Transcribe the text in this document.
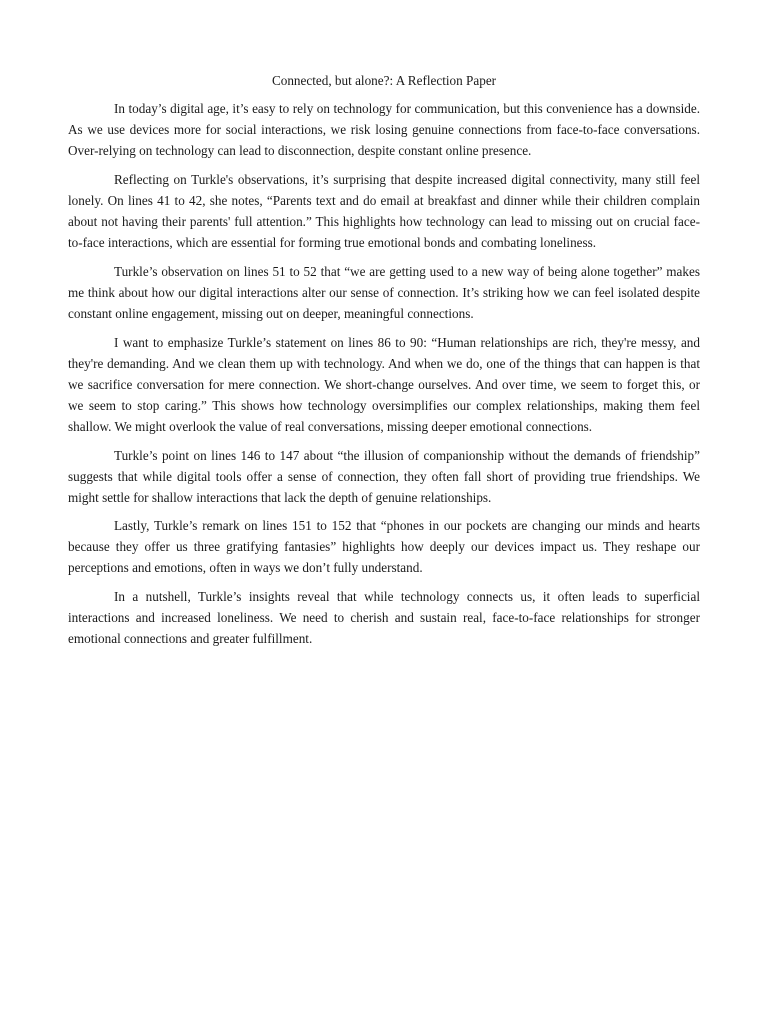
Connected, but alone?: A Reflection Paper

In today’s digital age, it’s easy to rely on technology for communication, but this convenience has a downside. As we use devices more for social interactions, we risk losing genuine connections from face-to-face conversations. Over-relying on technology can lead to disconnection, despite constant online presence.

Reflecting on Turkle's observations, it’s surprising that despite increased digital connectivity, many still feel lonely. On lines 41 to 42, she notes, “Parents text and do email at breakfast and dinner while their children complain about not having their parents' full attention.” This highlights how technology can lead to missing out on crucial face-to-face interactions, which are essential for forming true emotional bonds and combating loneliness.

Turkle’s observation on lines 51 to 52 that “we are getting used to a new way of being alone together” makes me think about how our digital interactions alter our sense of connection. It’s striking how we can feel isolated despite constant online engagement, missing out on deeper, meaningful connections.

I want to emphasize Turkle’s statement on lines 86 to 90: “Human relationships are rich, they're messy, and they're demanding. And we clean them up with technology. And when we do, one of the things that can happen is that we sacrifice conversation for mere connection. We short-change ourselves. And over time, we seem to forget this, or we seem to stop caring.” This shows how technology oversimplifies our complex relationships, making them feel shallow. We might overlook the value of real conversations, missing deeper emotional connections.

Turkle’s point on lines 146 to 147 about “the illusion of companionship without the demands of friendship” suggests that while digital tools offer a sense of connection, they often fall short of providing true friendships. We might settle for shallow interactions that lack the depth of genuine relationships.

Lastly, Turkle’s remark on lines 151 to 152 that “phones in our pockets are changing our minds and hearts because they offer us three gratifying fantasies” highlights how deeply our devices impact us. They reshape our perceptions and emotions, often in ways we don’t fully understand.

In a nutshell, Turkle’s insights reveal that while technology connects us, it often leads to superficial interactions and increased loneliness. We need to cherish and sustain real, face-to-face relationships for stronger emotional connections and greater fulfillment.
